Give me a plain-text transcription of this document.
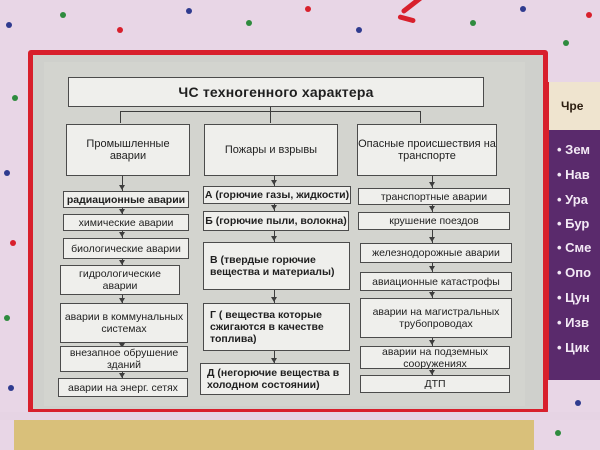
Чре
• Зем
• Нав
• Ура
• Бур
• Сме
• Опо
• Цун
• Изв
• Цик
ЧС техногенного характера
Промышленные аварии	Пожары и взрывы	Опасные происшествия на транспорте
радиационные аварии
химические аварии
биологические аварии
гидрологические аварии
аварии в коммунальных системах
внезапное обрушение зданий
аварии на энерг. сетях
А (горючие газы, жидкости)
Б (горючие пыли, волокна)
В (твердые горючие вещества и материалы)
Г ( вещества которые сжигаются в качестве топлива)
Д (негорючие вещества в холодном состоянии)
транспортные аварии
крушение поездов
железнодорожные аварии
авиационные катастрофы
аварии на магистральных трубопроводах
аварии на подземных сооружениях
ДТП
